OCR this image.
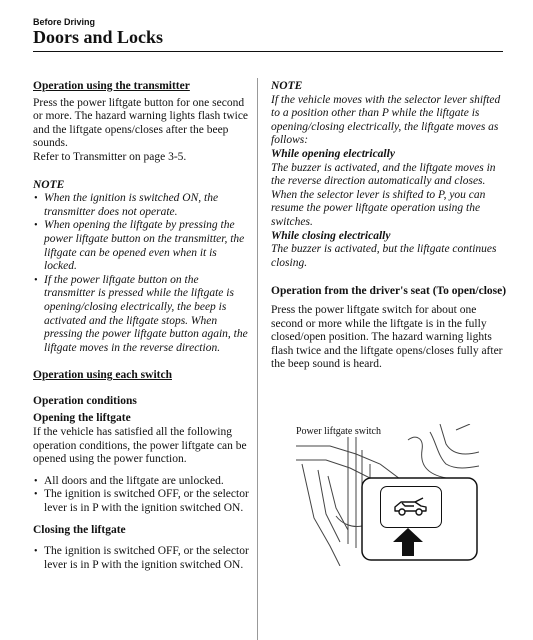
Before Driving
Doors and Locks

Operation using the transmitter

Press the power liftgate button for one second or more. The hazard warning lights flash twice and the liftgate opens/closes after the beep sounds.

Refer to Transmitter on page 3-5.

NOTE

• When the ignition is switched ON, the transmitter does not operate.
• When opening the liftgate by pressing the power liftgate button on the transmitter, the liftgate can be opened even when it is locked.
• If the power liftgate button on the transmitter is pressed while the liftgate is opening/closing electrically, the beep is activated and the liftgate stops. When pressing the power liftgate button again, the liftgate moves in the reverse direction.

Operation using each switch

Operation conditions

Opening the liftgate

If the vehicle has satisfied all the following operation conditions, the power liftgate can be opened using the power function.

• All doors and the liftgate are unlocked.
• The ignition is switched OFF, or the selector lever is in P with the ignition switched ON.

Closing the liftgate

• The ignition is switched OFF, or the selector lever is in P with the ignition switched ON.

NOTE

If the vehicle moves with the selector lever shifted to a position other than P while the liftgate is opening/closing electrically, the liftgate moves as follows:

While opening electrically

The buzzer is activated, and the liftgate moves in the reverse direction automatically and closes. When the selector lever is shifted to P, you can resume the power liftgate operation using the switches.

While closing electrically

The buzzer is activated, but the liftgate continues closing.

Operation from the driver's seat (To open/close)

Press the power liftgate switch for about one second or more while the liftgate is in the fully closed/open position. The hazard warning lights flash twice and the liftgate opens/closes fully after the beep sound is heard.

Power liftgate switch
